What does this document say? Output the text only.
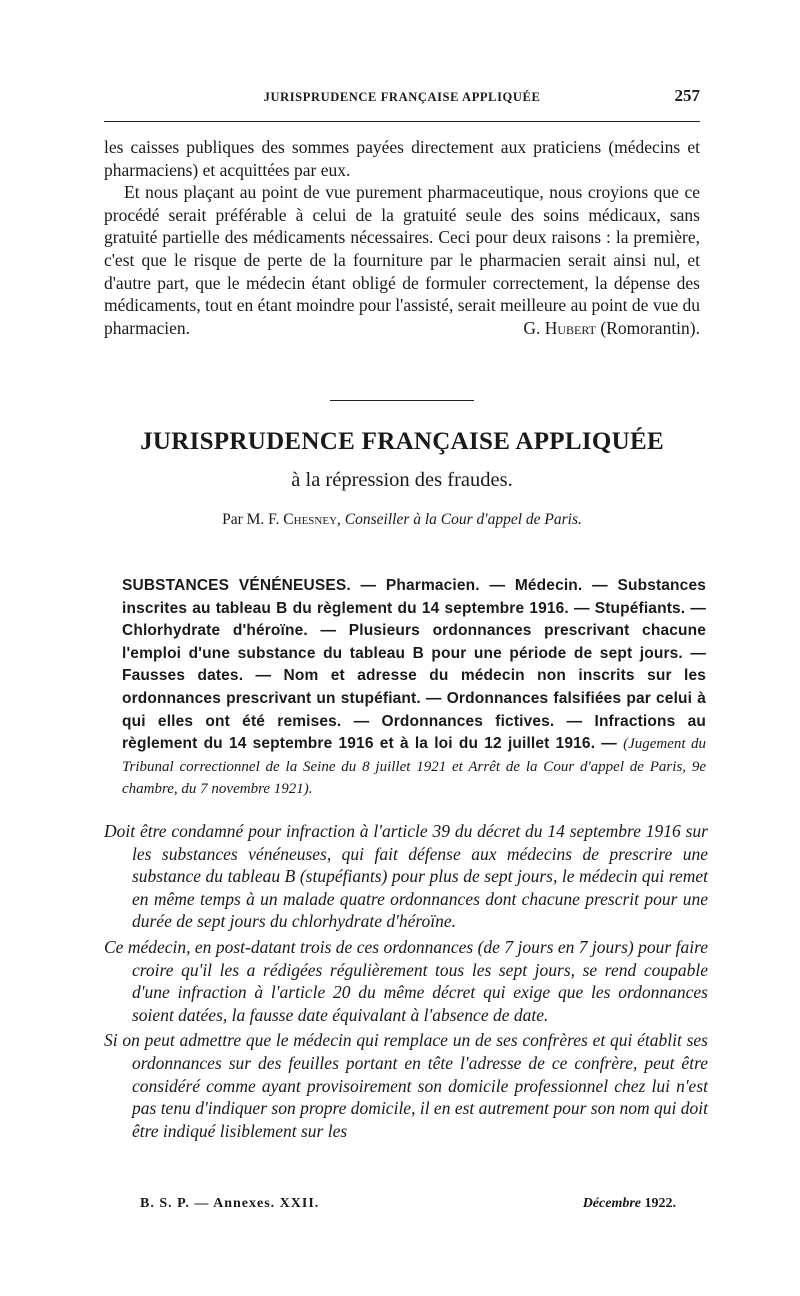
JURISPRUDENCE FRANÇAISE APPLIQUÉE	257

les caisses publiques des sommes payées directement aux praticiens (médecins et pharmaciens) et acquittées par eux.

Et nous plaçant au point de vue purement pharmaceutique, nous croyions que ce procédé serait préférable à celui de la gratuité seule des soins médicaux, sans gratuité partielle des médicaments nécessaires. Ceci pour deux raisons : la première, c'est que le risque de perte de la fourniture par le pharmacien serait ainsi nul, et d'autre part, que le médecin étant obligé de formuler correctement, la dépense des médicaments, tout en étant moindre pour l'assisté, serait meilleure au point de vue du pharmacien.	G. Hubert (Romorantin).

JURISPRUDENCE FRANÇAISE APPLIQUÉE
à la répression des fraudes.
Par M. F. Chesney, Conseiller à la Cour d'appel de Paris.
SUBSTANCES VÉNÉNEUSES. — Pharmacien. — Médecin. — Substances inscrites au tableau B du règlement du 14 septembre 1916. — Stupéfiants. — Chlorhydrate d'héroïne. — Plusieurs ordonnances prescrivant chacune l'emploi d'une substance du tableau B pour une période de sept jours. — Fausses dates. — Nom et adresse du médecin non inscrits sur les ordonnances prescrivant un stupéfiant. — Ordonnances falsifiées par celui à qui elles ont été remises. — Ordonnances fictives. — Infractions au règlement du 14 septembre 1916 et à la loi du 12 juillet 1916. — (Jugement du Tribunal correctionnel de la Seine du 8 juillet 1921 et Arrêt de la Cour d'appel de Paris, 9e chambre, du 7 novembre 1921).

Doit être condamné pour infraction à l'article 39 du décret du 14 septembre 1916 sur les substances vénéneuses, qui fait défense aux médecins de prescrire une substance du tableau B (stupéfiants) pour plus de sept jours, le médecin qui remet en même temps à un malade quatre ordonnances dont chacune prescrit pour une durée de sept jours du chlorhydrate d'héroïne.

Ce médecin, en post-datant trois de ces ordonnances (de 7 jours en 7 jours) pour faire croire qu'il les a rédigées régulièrement tous les sept jours, se rend coupable d'une infraction à l'article 20 du même décret qui exige que les ordonnances soient datées, la fausse date équivalant à l'absence de date.

Si on peut admettre que le médecin qui remplace un de ses confrères et qui établit ses ordonnances sur des feuilles portant en tête l'adresse de ce confrère, peut être considéré comme ayant provisoirement son domicile professionnel chez lui n'est pas tenu d'indiquer son propre domicile, il en est autrement pour son nom qui doit être indiqué lisiblement sur les

B. S. P. — Annexes. XXII.	Décembre 1922.
